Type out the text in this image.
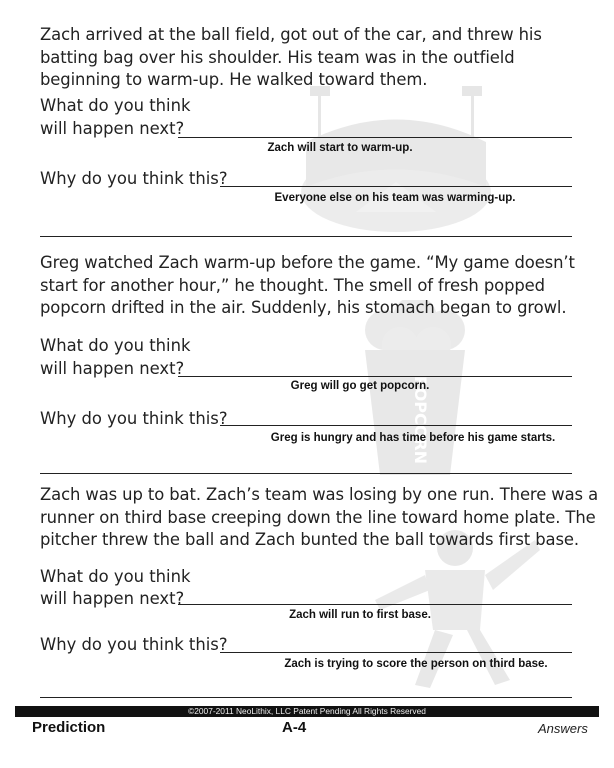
POPCORN
Zach arrived at the ball field, got out of the car, and threw his batting bag over his shoulder. His team was in the outfield beginning to warm-up. He walked toward them.
What do you think
will happen next?
Zach will start to warm-up.
Why do you think this?
Everyone else on his team was warming-up.
Greg watched Zach warm-up before the game. “My game doesn’t start for another hour,” he thought. The smell of fresh popped popcorn drifted in the air. Suddenly, his stomach began to growl.
What do you think
will happen next?
Greg will go get popcorn.
Why do you think this?
Greg is hungry and has time before his game starts.
Zach was up to bat. Zach’s team was losing by one run. There was a runner on third base creeping down the line toward home plate. The pitcher threw the ball and Zach bunted the ball towards first base.
What do you think
will happen next?
Zach will run to first base.
Why do you think this?
Zach is trying to score the person on third base.
©2007-2011 NeoLithix, LLC Patent Pending All Rights Reserved
Prediction	A-4	Answers
